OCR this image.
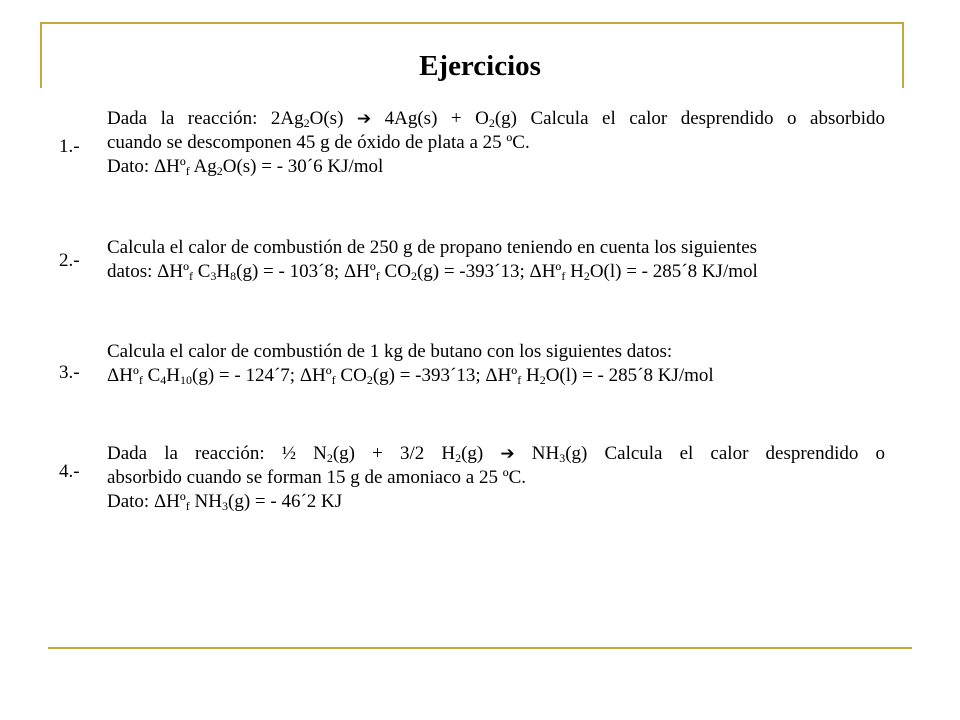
Ejercicios
1.-
Dada la reacción: $2Ag_2O(s)$ ➔ $4Ag(s) + O_2(g)$ Calcula el calor desprendido o absorbido
cuando se descomponen 45 g de óxido de plata a 25 ºC.
Dato: ΔHº$_f$ $Ag_2O(s)$ = - 30´6 KJ/mol
2.-
Calcula el calor de combustión de 250 g de propano teniendo en cuenta los siguientes
datos: ΔHº$_f$ $C_3H_8(g)$ = - 103´8; ΔHº$_f$ $CO_2(g)$ = -393´13; ΔHº$_f$ $H_2O(l)$ = - 285´8 KJ/mol
3.-
Calcula el calor de combustión de 1 kg de butano con los siguientes datos:
ΔHº$_f$ $C_4H_{10}(g)$ = - 124´7; ΔHº$_f$ $CO_2(g)$ = -393´13; ΔHº$_f$ $H_2O(l)$ = - 285´8 KJ/mol
4.-
Dada la reacción: ½ $N_2(g) + 3/2$ $H_2(g)$ ➔ $NH_3(g)$ Calcula el calor desprendido o
absorbido cuando se forman 15 g de amoniaco a 25 ºC.
Dato: ΔHº$_f$ $NH_3(g)$ = - 46´2 KJ
